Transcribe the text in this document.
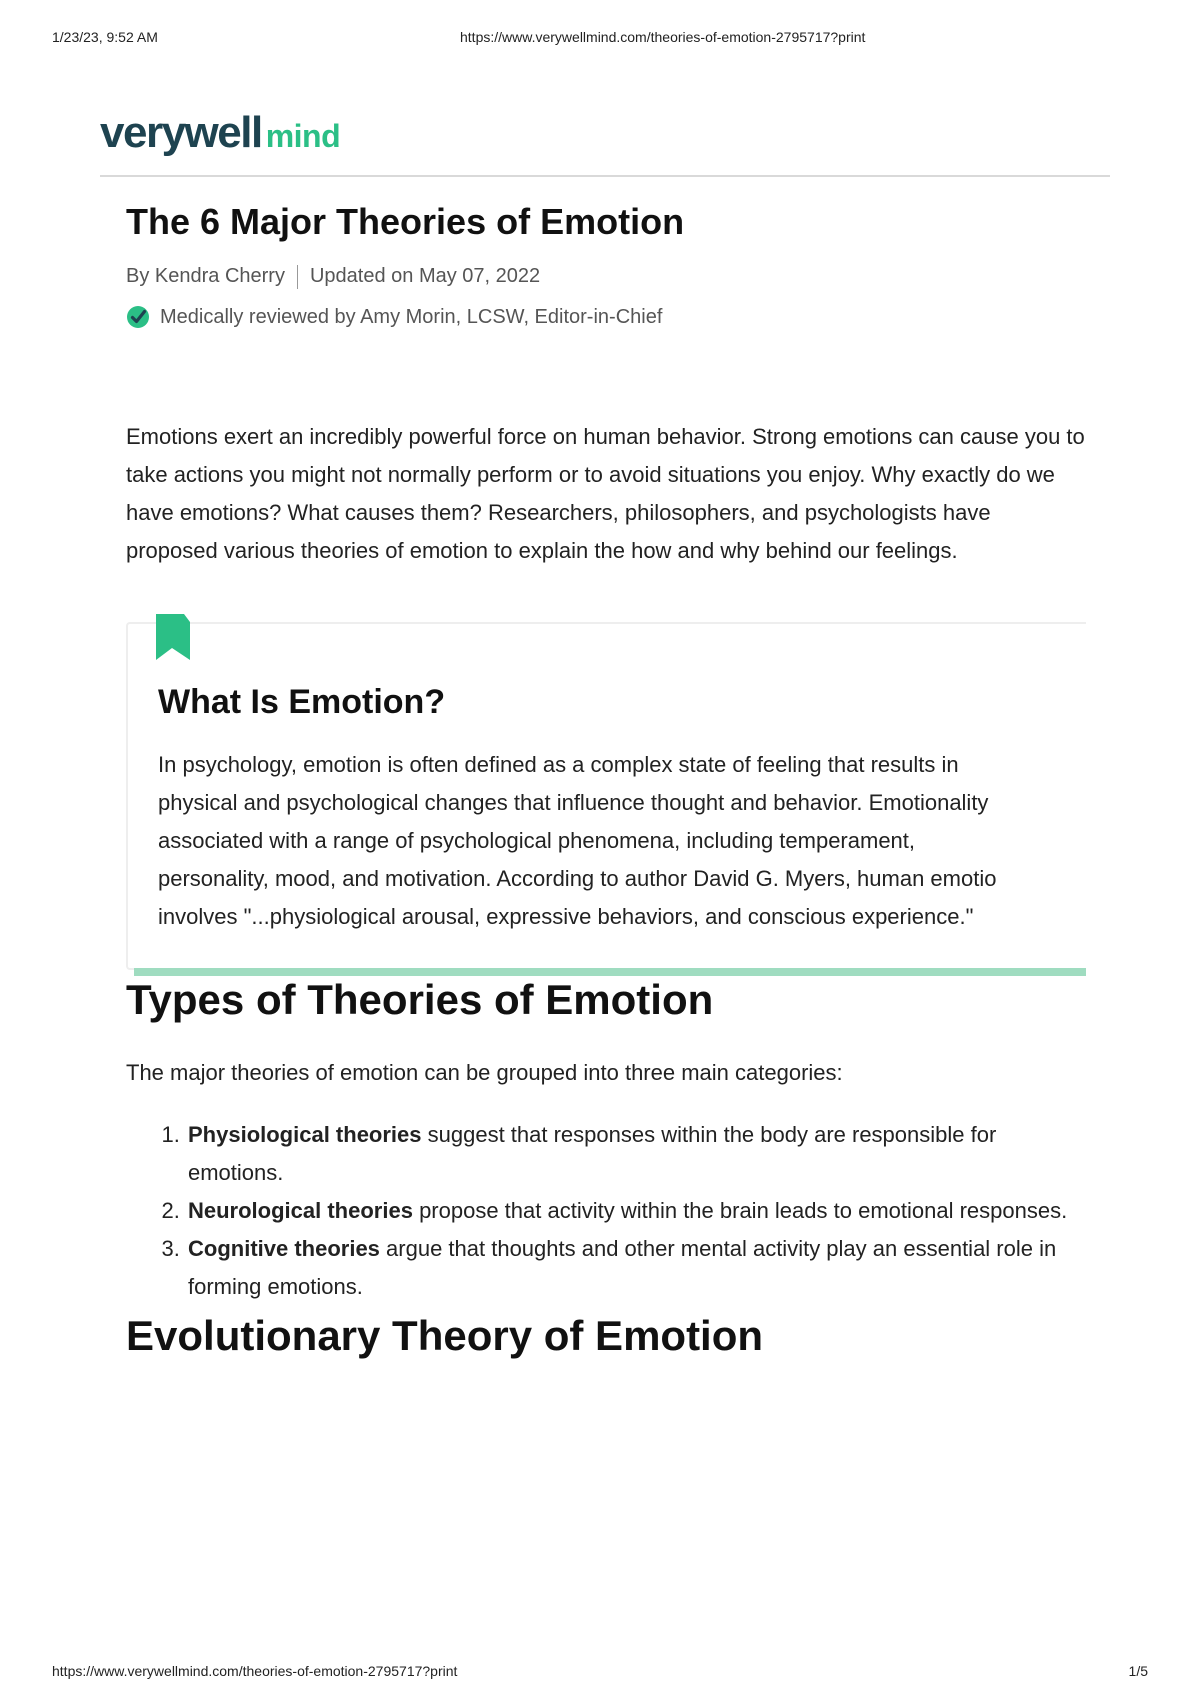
1/23/23, 9:52 AM	https://www.verywellmind.com/theories-of-emotion-2795717?print
verywell mind
The 6 Major Theories of Emotion
By Kendra Cherry Updated on May 07, 2022
Medically reviewed by Amy Morin, LCSW, Editor-in-Chief

Emotions exert an incredibly powerful force on human behavior. Strong emotions can cause you to take actions you might not normally perform or to avoid situations you enjoy. Why exactly do we have emotions? What causes them? Researchers, philosophers, and psychologists have proposed various theories of emotion to explain the how and why behind our feelings.

What Is Emotion?

In psychology, emotion is often defined as a complex state of feeling that results in
physical and psychological changes that influence thought and behavior. Emotionality
associated with a range of psychological phenomena, including temperament,
personality, mood, and motivation. According to author David G. Myers, human emotio
involves "...physiological arousal, expressive behaviors, and conscious experience."

Types of Theories of Emotion

The major theories of emotion can be grouped into three main categories:

1. Physiological theories suggest that responses within the body are responsible for emotions.
2. Neurological theories propose that activity within the brain leads to emotional responses.
3. Cognitive theories argue that thoughts and other mental activity play an essential role in forming emotions.
Evolutionary Theory of Emotion
https://www.verywellmind.com/theories-of-emotion-2795717?print	1/5
